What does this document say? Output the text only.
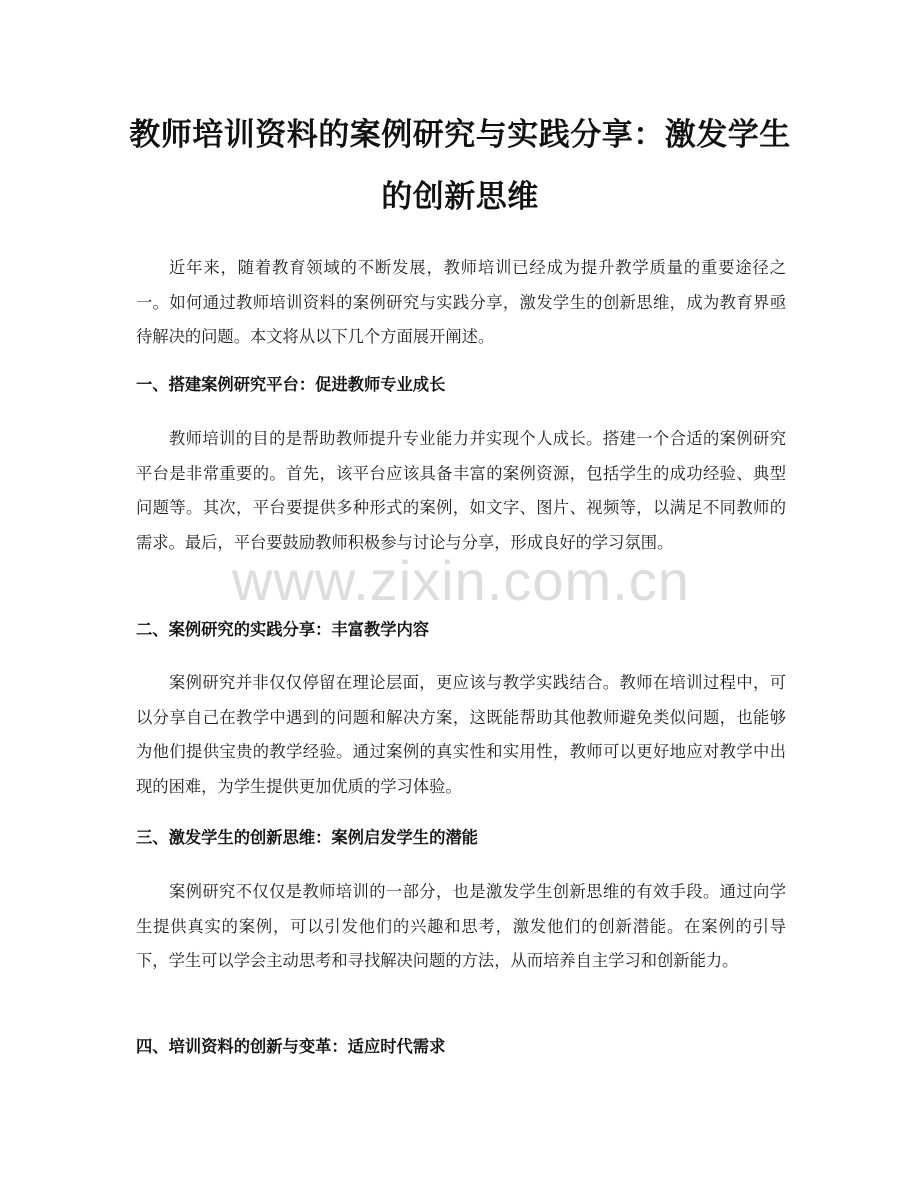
教师培训资料的案例研究与实践分享：激发学生的创新思维

近年来，随着教育领域的不断发展，教师培训已经成为提升教学质量的重要途径之一。如何通过教师培训资料的案例研究与实践分享，激发学生的创新思维，成为教育界亟待解决的问题。本文将从以下几个方面展开阐述。

一、搭建案例研究平台：促进教师专业成长

教师培训的目的是帮助教师提升专业能力并实现个人成长。搭建一个合适的案例研究平台是非常重要的。首先，该平台应该具备丰富的案例资源，包括学生的成功经验、典型问题等。其次，平台要提供多种形式的案例，如文字、图片、视频等，以满足不同教师的需求。最后，平台要鼓励教师积极参与讨论与分享，形成良好的学习氛围。

二、案例研究的实践分享：丰富教学内容

案例研究并非仅仅停留在理论层面，更应该与教学实践结合。教师在培训过程中，可以分享自己在教学中遇到的问题和解决方案，这既能帮助其他教师避免类似问题，也能够为他们提供宝贵的教学经验。通过案例的真实性和实用性，教师可以更好地应对教学中出现的困难，为学生提供更加优质的学习体验。

三、激发学生的创新思维：案例启发学生的潜能

案例研究不仅仅是教师培训的一部分，也是激发学生创新思维的有效手段。通过向学生提供真实的案例，可以引发他们的兴趣和思考，激发他们的创新潜能。在案例的引导下，学生可以学会主动思考和寻找解决问题的方法，从而培养自主学习和创新能力。

四、培训资料的创新与变革：适应时代需求
www.zixin.com.cn
